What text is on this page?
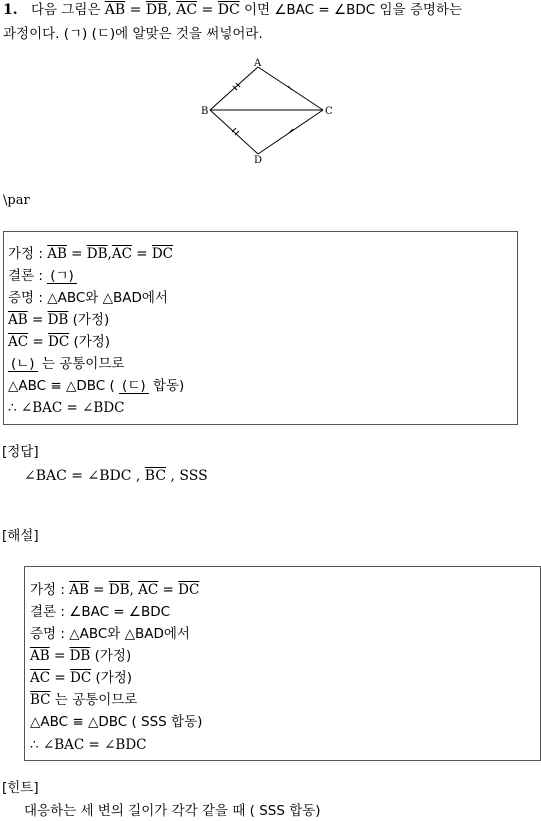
1. 다음 그림은 $\overline{AB} = \overline{DB}$, $\overline{AC} = \overline{DC}$ 이면 ∠BAC = ∠BDC 임을 증명하는
과정이다. (ㄱ) (ㄷ)에 알맞은 것을 써넣어라.
A
B	C
D
\par
가정 : $\overline{AB} = \overline{DB},\overline{AC} = \overline{DC}$
결론 : (ㄱ)
증명 : △ABC와 △BAD에서
$\overline{AB} = \overline{DB}$ (가정)
$\overline{AC} = \overline{DC}$ (가정)
(ㄴ) 는 공통이므로
△ABC ≡ △DBC ( (ㄷ) 합동)
∴ ∠BAC = ∠BDC
[정답]
∠BAC = ∠BDC , $\overline{BC}$ , SSS
[해설]
가정 : $\overline{AB} = \overline{DB}$, $\overline{AC} = \overline{DC}$
결론 : ∠BAC = ∠BDC
증명 : △ABC와 △BAD에서
$\overline{AB} = \overline{DB}$ (가정)
$\overline{AC} = \overline{DC}$ (가정)
$\overline{BC}$ 는 공통이므로
△ABC ≡ △DBC ( SSS 합동)
∴ ∠BAC = ∠BDC
[힌트]
대응하는 세 변의 길이가 각각 같을 때 ( SSS 합동)
